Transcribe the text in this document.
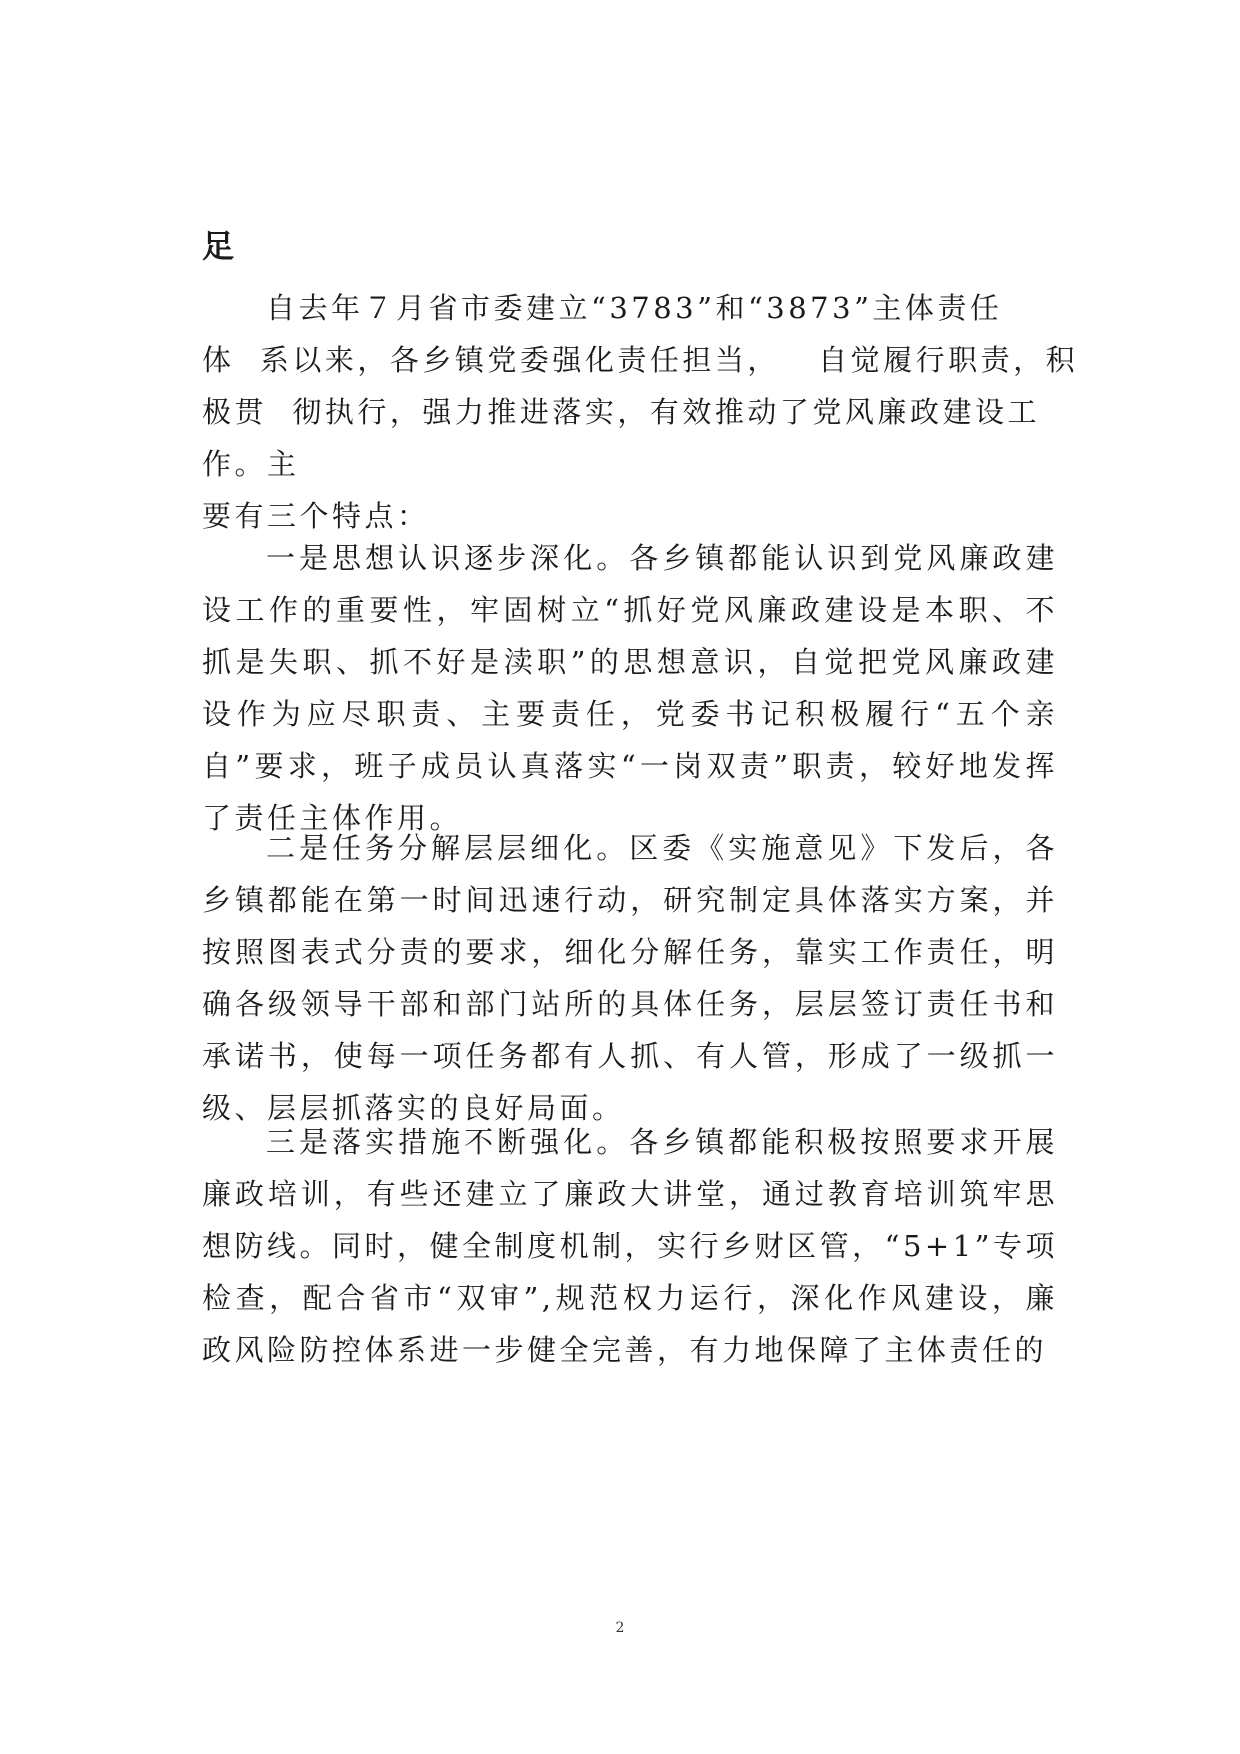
足
自去年７月省市委建立“3783”和“3873”主体责任
体  系以来，各乡镇党委强化责任担当，   自觉履行职责，积
极贯  彻执行，强力推进落实，有效推动了党风廉政建设工
作。主
要有三个特点：

一是思想认识逐步深化。各乡镇都能认识到党风廉政建设工作的重要性，牢固树立“抓好党风廉政建设是本职、不抓是失职、抓不好是渎职”的思想意识，自觉把党风廉政建设作为应尽职责、主要责任，党委书记积极履行“五个亲自”要求，班子成员认真落实“一岗双责”职责，较好地发挥了责任主体作用。

二是任务分解层层细化。区委《实施意见》下发后，各乡镇都能在第一时间迅速行动，研究制定具体落实方案，并按照图表式分责的要求，细化分解任务，靠实工作责任，明确各级领导干部和部门站所的具体任务，层层签订责任书和承诺书，使每一项任务都有人抓、有人管，形成了一级抓一级、层层抓落实的良好局面。

三是落实措施不断强化。各乡镇都能积极按照要求开展廉政培训，有些还建立了廉政大讲堂，通过教育培训筑牢思想防线。同时，健全制度机制，实行乡财区管，“5+1”专项检查，配合省市“双审”,规范权力运行，深化作风建设，廉政风险防控体系进一步健全完善，有力地保障了主体责任的

2
